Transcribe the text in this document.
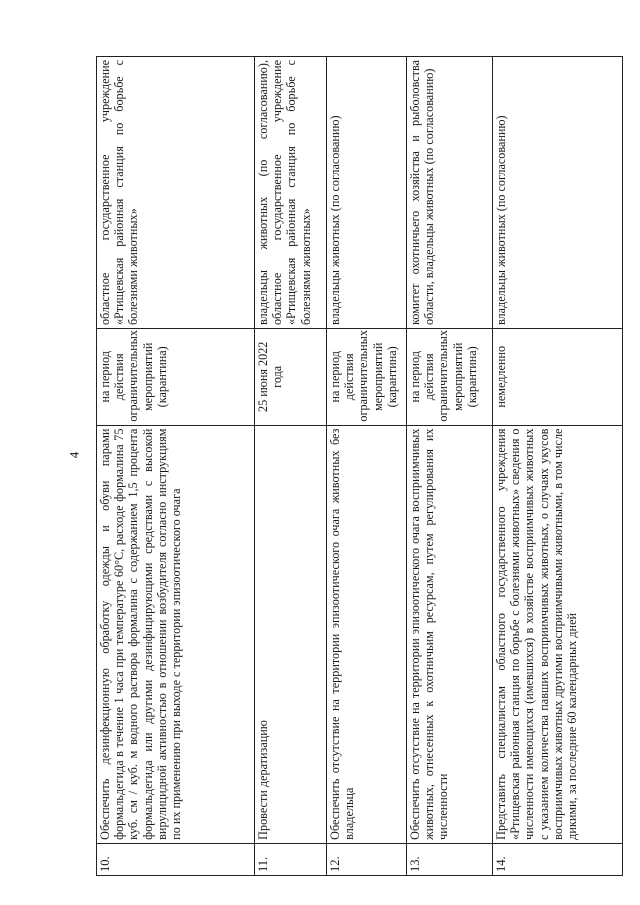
4
10.	Обеспечить дезинфекционную обработку одежды и обуви парами формальдегида в течение 1 часа при температуре 60°С, расходе формалина 75 куб. см / куб. м водного раствора формалина с содержанием 1,5 процента формальдегида или другими дезинфицирующими средствами с высокой вирулицидной активностью в отношении возбудителя согласно инструкциям по их применению при выходе с территории эпизоотического очага	на период действия ограничительных мероприятий (карантина)	областное государственное учреждение «Ртищевская районная станция по борьбе с болезнями животных»
11.	Провести дератизацию	25 июня 2022 года	владельцы животных (по согласованию), областное государственное учреждение «Ртищевская районная станция по борьбе с болезнями животных»
12.	Обеспечить отсутствие на территории эпизоотического очага животных без владельца	на период действия ограничительных мероприятий (карантина)	владельцы животных (по согласованию)
13.	Обеспечить отсутствие на территории эпизоотического очага восприимчивых животных, отнесенных к охотничьим ресурсам, путем регулирования их численности	на период действия ограничительных мероприятий (карантина)	комитет охотничьего хозяйства и рыболовства области, владельцы животных (по согласованию)
14.	Представить специалистам областного государственного учреждения «Ртищевская районная станция по борьбе с болезнями животных» сведения о численности имеющихся (имевшихся) в хозяйстве восприимчивых животных с указанием количества павших восприимчивых животных, о случаях укусов восприимчивых животных другими восприимчивыми животными, в том числе дикими, за последние 60 календарных дней	немедленно	владельцы животных (по согласованию)
